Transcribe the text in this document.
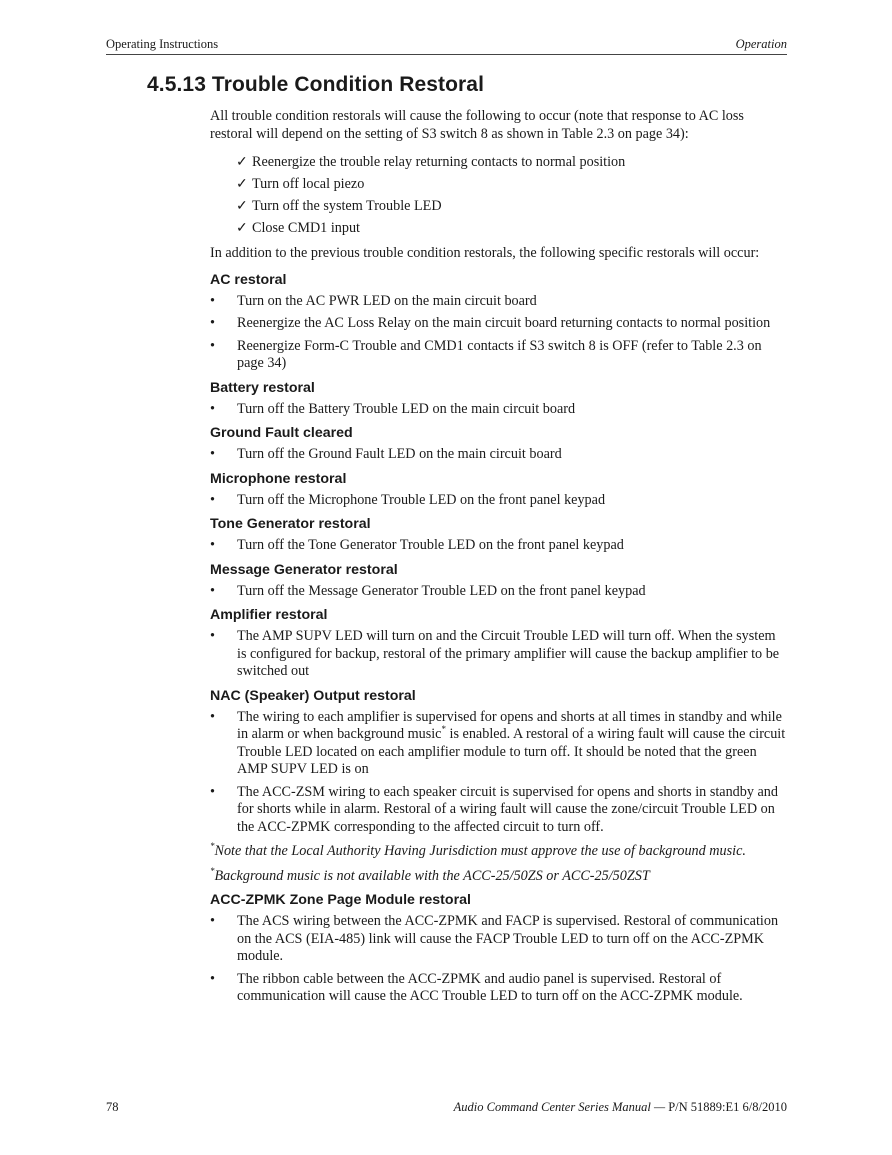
Operating Instructions	Operation
4.5.13 Trouble Condition Restoral

All trouble condition restorals will cause the following to occur (note that response to AC loss restoral will depend on the setting of S3 switch 8 as shown in Table 2.3 on page 34):

✓ Reenergize the trouble relay returning contacts to normal position
✓ Turn off local piezo
✓ Turn off the system Trouble LED
✓ Close CMD1 input

In addition to the previous trouble condition restorals, the following specific restorals will occur:

AC restoral
• Turn on the AC PWR LED on the main circuit board
• Reenergize the AC Loss Relay on the main circuit board returning contacts to normal position
• Reenergize Form-C Trouble and CMD1 contacts if S3 switch 8 is OFF (refer to Table 2.3 on page 34)
Battery restoral
• Turn off the Battery Trouble LED on the main circuit board
Ground Fault cleared
• Turn off the Ground Fault LED on the main circuit board
Microphone restoral
• Turn off the Microphone Trouble LED on the front panel keypad
Tone Generator restoral
• Turn off the Tone Generator Trouble LED on the front panel keypad
Message Generator restoral
• Turn off the Message Generator Trouble LED on the front panel keypad
Amplifier restoral
• The AMP SUPV LED will turn on and the Circuit Trouble LED will turn off. When the system is configured for backup, restoral of the primary amplifier will cause the backup amplifier to be switched out
NAC (Speaker) Output restoral
• The wiring to each amplifier is supervised for opens and shorts at all times in standby and while in alarm or when background music* is enabled. A restoral of a wiring fault will cause the circuit Trouble LED located on each amplifier module to turn off. It should be noted that the green AMP SUPV LED is on
• The ACC-ZSM wiring to each speaker circuit is supervised for opens and shorts in standby and for shorts while in alarm. Restoral of a wiring fault will cause the zone/circuit Trouble LED on the ACC-ZPMK corresponding to the affected circuit to turn off.

*Note that the Local Authority Having Jurisdiction must approve the use of background music.

*Background music is not available with the ACC-25/50ZS or ACC-25/50ZST

ACC-ZPMK Zone Page Module restoral
• The ACS wiring between the ACC-ZPMK and FACP is supervised. Restoral of communication on the ACS (EIA-485) link will cause the FACP Trouble LED to turn off on the ACC-ZPMK module.
• The ribbon cable between the ACC-ZPMK and audio panel is supervised. Restoral of communication will cause the ACC Trouble LED to turn off on the ACC-ZPMK module.
78	Audio Command Center Series Manual — P/N 51889:E1 6/8/2010
